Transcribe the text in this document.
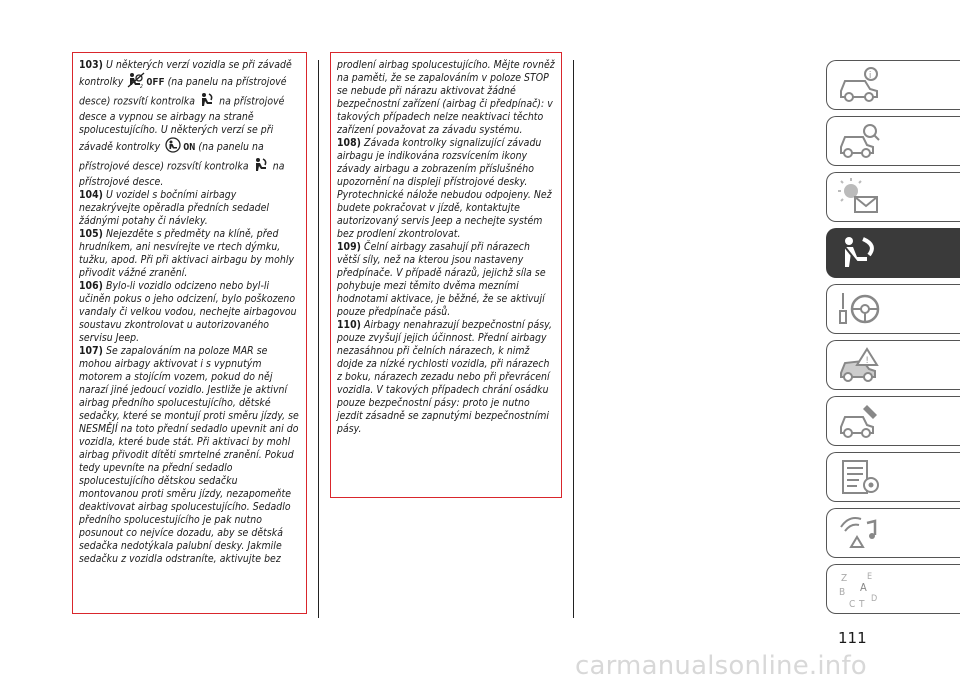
103) U některých verzí vozidla se při závadě kontrolky	2 OFF (na panelu na přístrojové desce) rozsvítí kontrolka na přístrojové desce a vypnou se airbagy na straně spolucestujícího. U některých verzí se při závadě kontrolky ON (na panelu na přístrojové desce) rozsvítí kontrolka na přístrojové desce.

104) U vozidel s bočními airbagy nezakrývejte opěradla předních sedadel žádnými potahy či návleky.

105) Nejezděte s předměty na klíně, před hrudníkem, ani nesvírejte ve rtech dýmku, tužku, apod. Při při aktivaci airbagu by mohly přivodit vážné zranění.

106) Bylo-li vozidlo odcizeno nebo byl-li učiněn pokus o jeho odcizení, bylo poškozeno vandaly či velkou vodou, nechejte airbagovou soustavu zkontrolovat u autorizovaného servisu Jeep.

107) Se zapalováním na poloze MAR se mohou airbagy aktivovat i s vypnutým motorem a stojícím vozem, pokud do něj narazí jiné jedoucí vozidlo. Jestliže je aktivní airbag předního spolucestujícího, dětské sedačky, které se montují proti směru jízdy, se NESMĚJÍ na toto přední sedadlo upevnit ani do vozidla, které bude stát. Při aktivaci by mohl airbag přivodit dítěti smrtelné zranění. Pokud tedy upevníte na přední sedadlo spolucestujícího dětskou sedačku montovanou proti směru jízdy, nezapomeňte deaktivovat airbag spolucestujícího. Sedadlo předního spolucestujícího je pak nutno posunout co nejvíce dozadu, aby se dětská sedačka nedotýkala palubní desky. Jakmile sedačku z vozidla odstraníte, aktivujte bez

prodlení airbag spolucestujícího. Mějte rovněž na paměti, že se zapalováním v poloze STOP se nebude při nárazu aktivovat žádné bezpečnostní zařízení (airbag či předpínač): v takových případech nelze neaktivaci těchto zařízení považovat za závadu systému.

108) Závada kontrolky signalizující závadu airbagu je indikována rozsvícením ikony závady airbagu a zobrazením příslušného upozornění na displeji přístrojové desky. Pyrotechnické nálože nebudou odpojeny. Než budete pokračovat v jízdě, kontaktujte autorizovaný servis Jeep a nechejte systém bez prodlení zkontrolovat.

109) Čelní airbagy zasahují při nárazech větší síly, než na kterou jsou nastaveny předpínače. V případě nárazů, jejichž síla se pohybuje mezi těmito dvěma mezními hodnotami aktivace, je běžné, že se aktivují pouze předpínače pásů.

110) Airbagy nenahrazují bezpečnostní pásy, pouze zvyšují jejich účinnost. Přední airbagy nezasáhnou při čelních nárazech, k nimž dojde za nízké rychlosti vozidla, při nárazech z boku, nárazech zezadu nebo při převrácení vozidla. V takových případech chrání osádku pouze bezpečnostní pásy: proto je nutno jezdit zásadně se zapnutými bezpečnostními pásy.

i
!
Z E
B A
C T D
111
carmanualsonline.info
